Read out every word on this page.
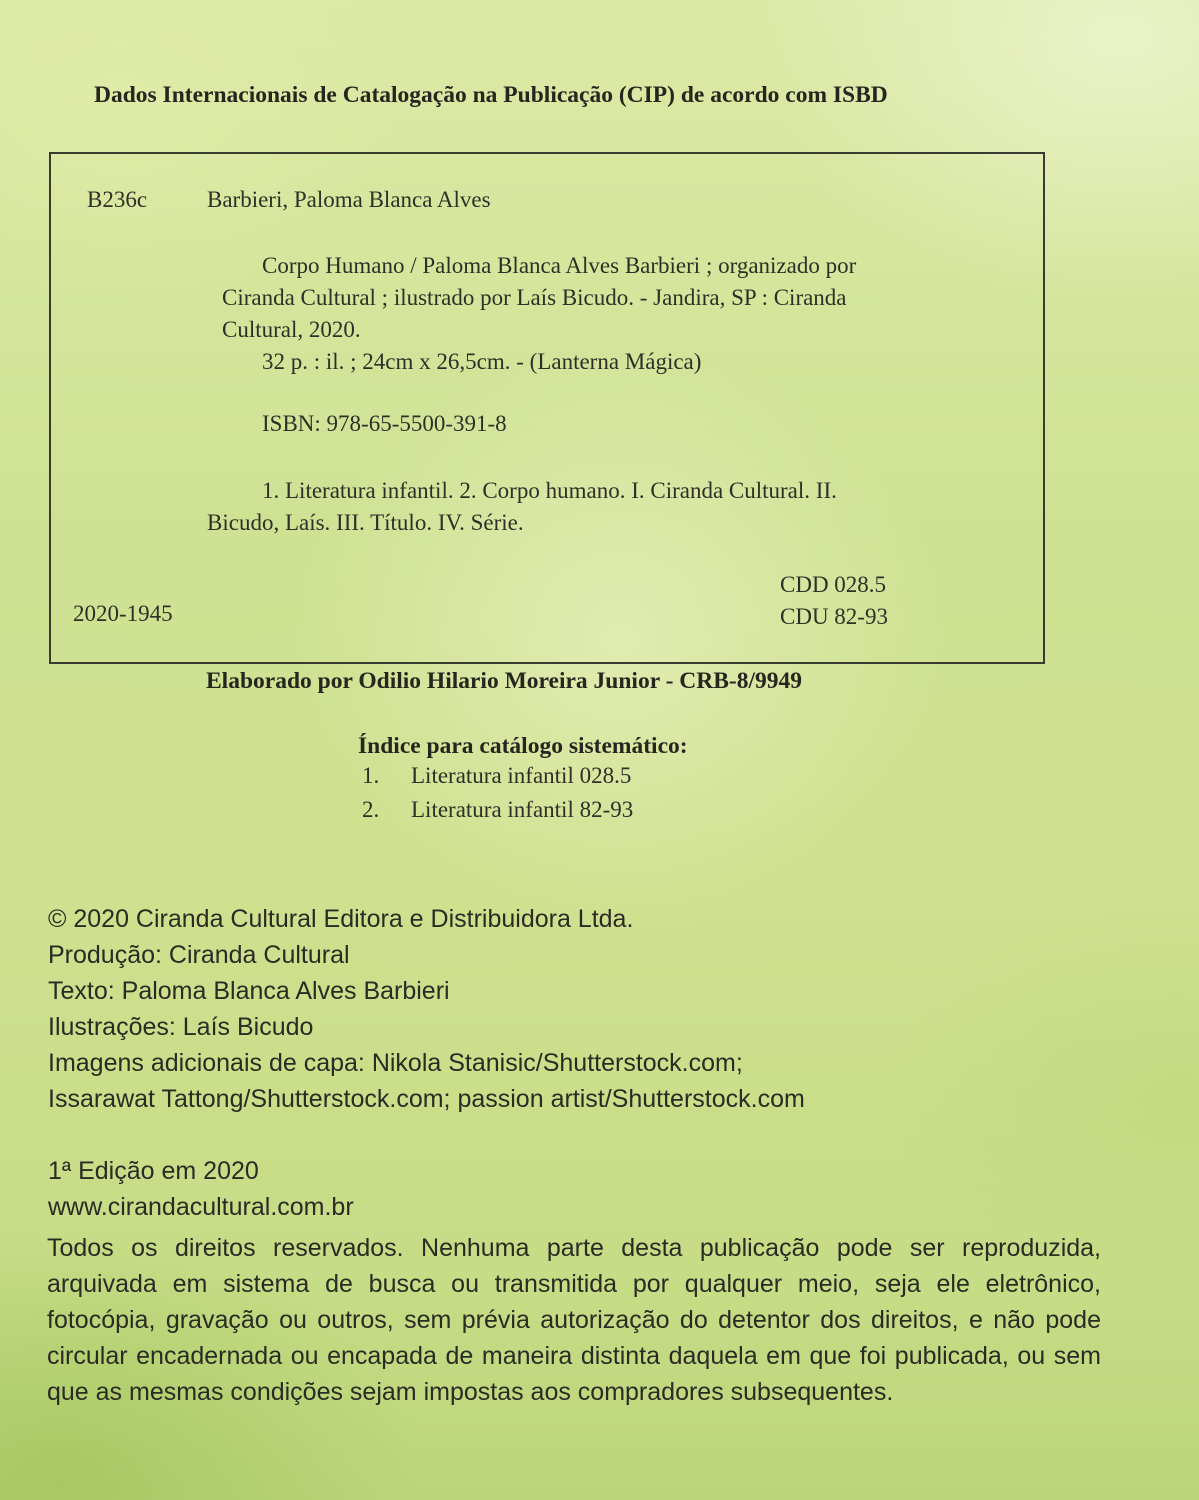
Dados Internacionais de Catalogação na Publicação (CIP) de acordo com ISBD
B236c	Barbieri, Paloma Blanca Alves
Corpo Humano / Paloma Blanca Alves Barbieri ; organizado por
Ciranda Cultural ; ilustrado por Laís Bicudo. - Jandira, SP : Ciranda
Cultural, 2020.
32 p. : il. ; 24cm x 26,5cm. - (Lanterna Mágica)
ISBN: 978-65-5500-391-8
1. Literatura infantil. 2. Corpo humano. I. Ciranda Cultural. II.
Bicudo, Laís. III. Título. IV. Série.
CDD 028.5
CDU 82-93
2020-1945
Elaborado por Odilio Hilario Moreira Junior - CRB-8/9949
Índice para catálogo sistemático:
1. Literatura infantil 028.5
2. Literatura infantil 82-93
© 2020 Ciranda Cultural Editora e Distribuidora Ltda.
Produção: Ciranda Cultural
Texto: Paloma Blanca Alves Barbieri
Ilustrações: Laís Bicudo
Imagens adicionais de capa: Nikola Stanisic/Shutterstock.com;
Issarawat Tattong/Shutterstock.com; passion artist/Shutterstock.com
1ª Edição em 2020
www.cirandacultural.com.br
Todos os direitos reservados. Nenhuma parte desta publicação pode ser reproduzida, arquivada em sistema de busca ou transmitida por qualquer meio, seja ele eletrônico, fotocópia, gravação ou outros, sem prévia autorização do detentor dos direitos, e não pode circular encadernada ou encapada de maneira distinta daquela em que foi publicada, ou sem que as mesmas condições sejam impostas aos compradores subsequentes.
